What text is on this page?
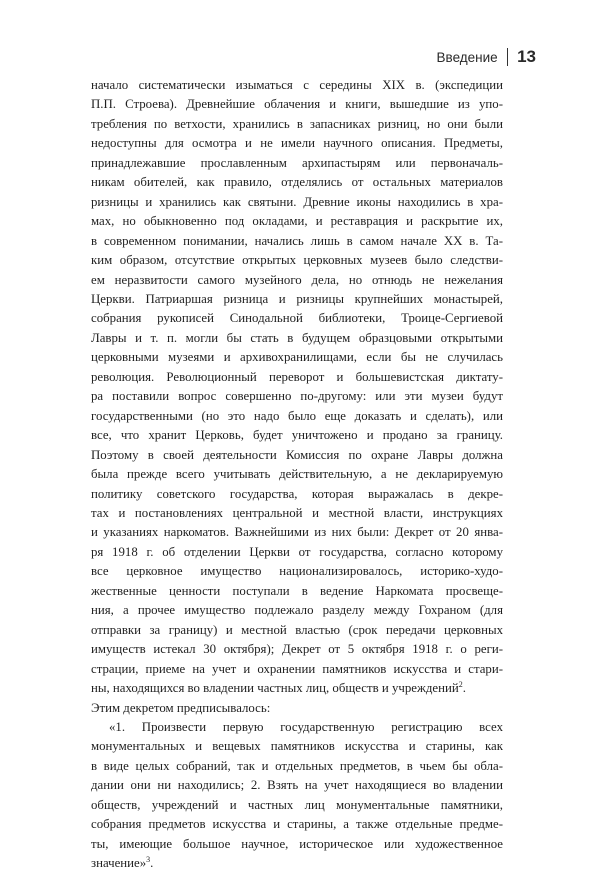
Введение 13
начало систематически изыматься с середины XIX в. (экспедиции
П.П. Строева). Древнейшие облачения и книги, вышедшие из упо-
требления по ветхости, хранились в запасниках ризниц, но они были
недоступны для осмотра и не имели научного описания. Предметы,
принадлежавшие прославленным архипастырям или первоначаль-
никам обителей, как правило, отделялись от остальных материалов
ризницы и хранились как святыни. Древние иконы находились в хра-
мах, но обыкновенно под окладами, и реставрация и раскрытие их,
в современном понимании, начались лишь в самом начале XX в. Та-
ким образом, отсутствие открытых церковных музеев было следстви-
ем неразвитости самого музейного дела, но отнюдь не нежелания
Церкви. Патриаршая ризница и ризницы крупнейших монастырей,
собрания рукописей Синодальной библиотеки, Троице-Сергиевой
Лавры и т. п. могли бы стать в будущем образцовыми открытыми
церковными музеями и архивохранилищами, если бы не случилась
революция. Революционный переворот и большевистская диктату-
ра поставили вопрос совершенно по-другому: или эти музеи будут
государственными (но это надо было еще доказать и сделать), или
все, что хранит Церковь, будет уничтожено и продано за границу.
Поэтому в своей деятельности Комиссия по охране Лавры должна
была прежде всего учитывать действительную, а не декларируемую
политику советского государства, которая выражалась в декре-
тах и постановлениях центральной и местной власти, инструкциях
и указаниях наркоматов. Важнейшими из них были: Декрет от 20 янва-
ря 1918 г. об отделении Церкви от государства, согласно которому
все церковное имущество национализировалось, историко-худо-
жественные ценности поступали в ведение Наркомата просвеще-
ния, а прочее имущество подлежало разделу между Гохраном (для
отправки за границу) и местной властью (срок передачи церковных
имуществ истекал 30 октября); Декрет от 5 октября 1918 г. о реги-
страции, приеме на учет и охранении памятников искусства и стари-
ны, находящихся во владении частных лиц, обществ и учреждений$^2$.
Этим декретом предписывалось:
«1. Произвести первую государственную регистрацию всех
монументальных и вещевых памятников искусства и старины, как
в виде целых собраний, так и отдельных предметов, в чьем бы обла-
дании они ни находились; 2. Взять на учет находящиеся во владении
обществ, учреждений и частных лиц монументальные памятники,
собрания предметов искусства и старины, а также отдельные предме-
ты, имеющие большое научное, историческое или художественное
значение»$^3$.
